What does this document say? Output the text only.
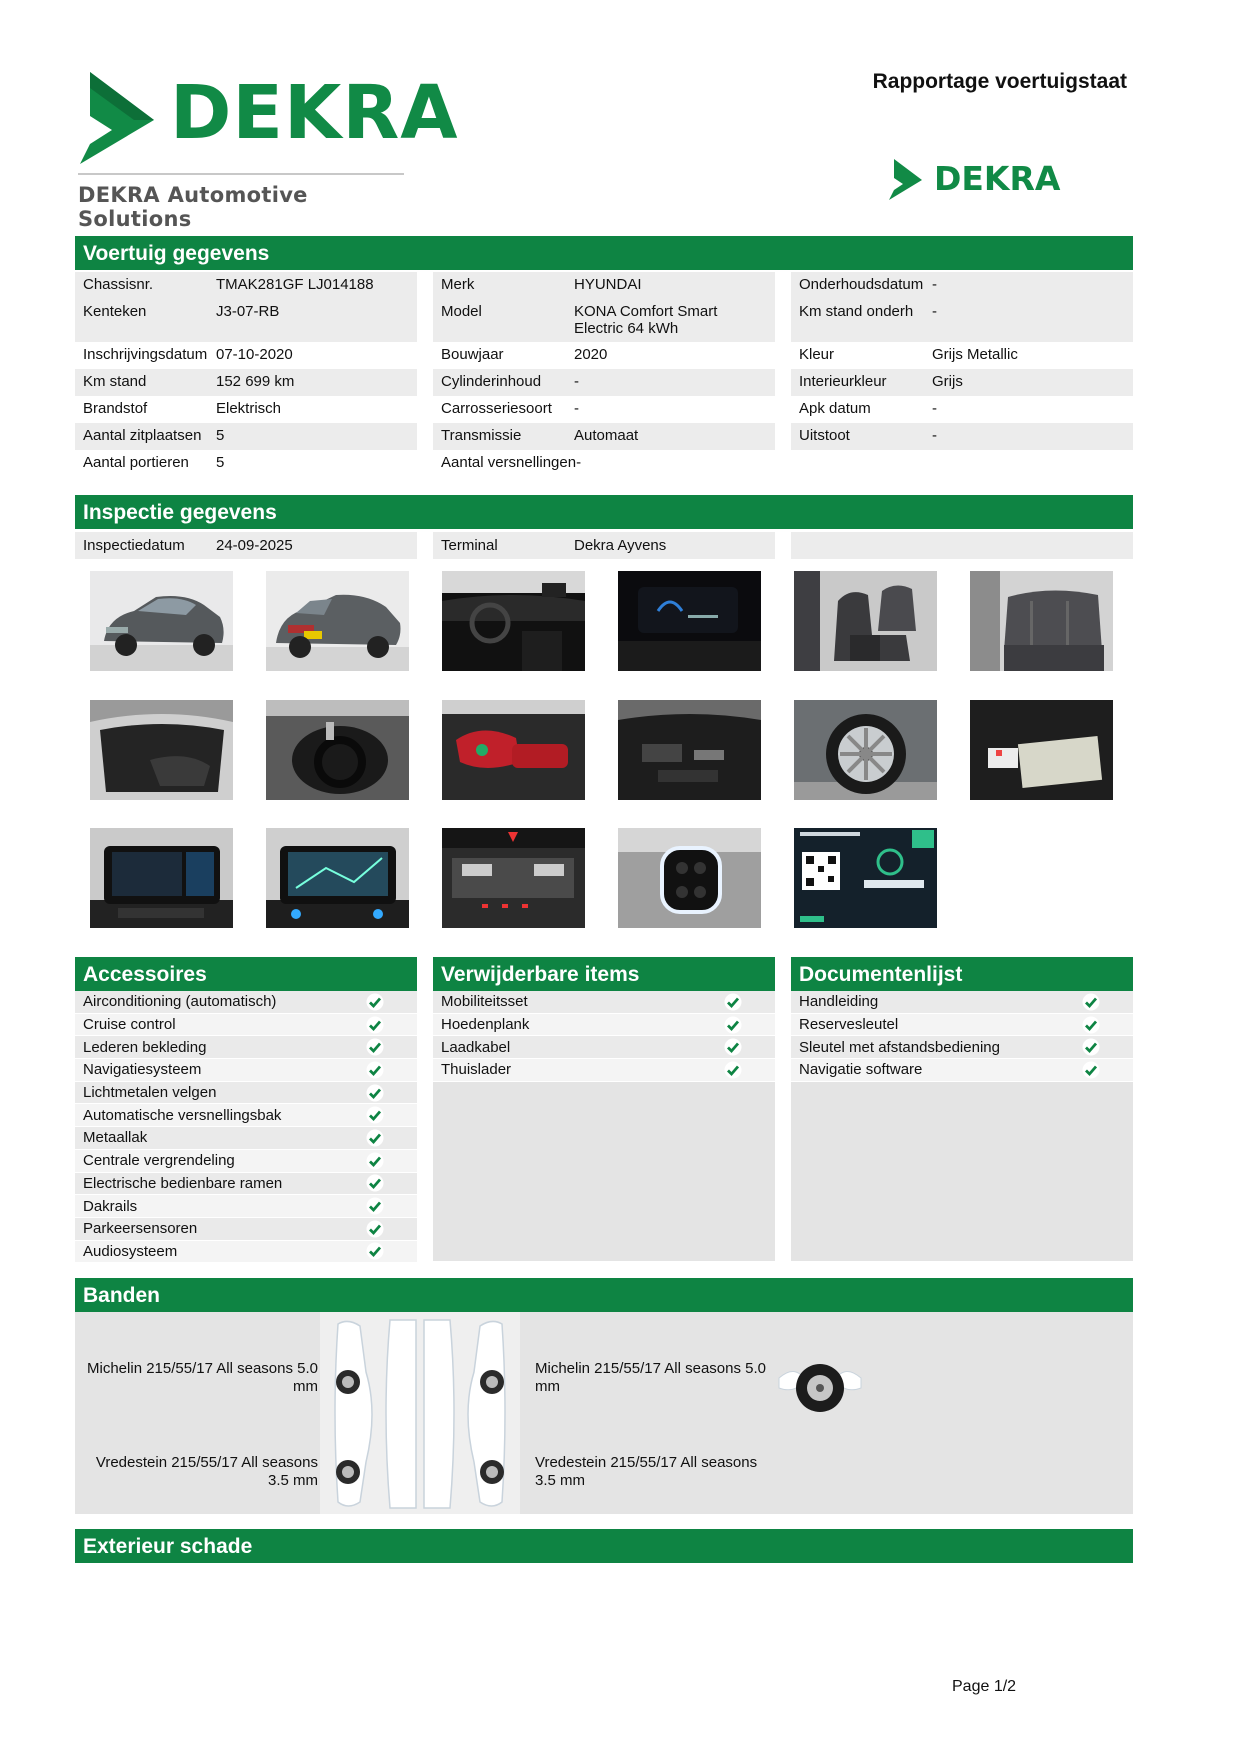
DEKRA
DEKRA Automotive Solutions
Rapportage voertuigstaat
DEKRA
Voertuig gegevens
Chassisnr.	TMAK281GF LJ014188
Kenteken	J3-07-RB
Inschrijvingsdatum 07-10-2020
Km stand	152 699 km
Brandstof	Elektrisch
Aantal zitplaatsen 5
Aantal portieren	5
Merk	HYUNDAI
Model	KONA Comfort Smart Electric 64 kWh
Bouwjaar	2020
Cylinderinhoud	-
Carrosseriesoort	-
Transmissie	Automaat
Aantal versnellingen -
Onderhoudsdatum -
Km stand onderh	-
Kleur	Grijs Metallic
Interieurkleur	Grijs
Apk datum	-
Uitstoot	-
Inspectie gegevens
Inspectiedatum	24-09-2025	Terminal	Dekra Ayvens
Accessoires	Verwijderbare items	Documentenlijst
Airconditioning (automatisch)
Cruise control
Lederen bekleding
Navigatiesysteem
Lichtmetalen velgen
Automatische versnellingsbak
Metaallak
Centrale vergrendeling
Electrische bedienbare ramen
Dakrails
Parkeersensoren
Audiosysteem
Mobiliteitsset
Hoedenplank
Laadkabel
Thuislader
Handleiding
Reservesleutel
Sleutel met afstandsbediening
Navigatie software
Banden
Michelin 215/55/17 All seasons 5.0 mm
Michelin 215/55/17 All seasons 5.0 mm
Vredestein 215/55/17 All seasons 3.5 mm
Vredestein 215/55/17 All seasons 3.5 mm
Exterieur schade
Page 1/2
